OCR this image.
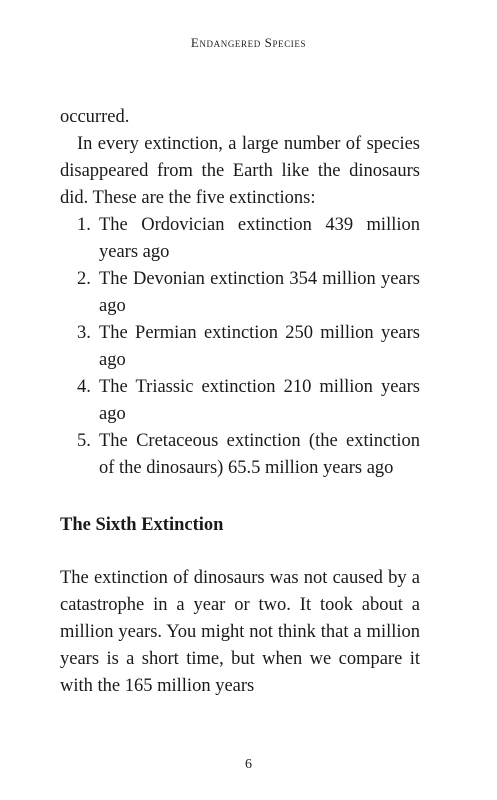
Endangered Species

occurred.

In every extinction, a large number of species disappeared from the Earth like the dinosaurs did. These are the five extinctions:

1. The Ordovician extinction 439 million years ago
2. The Devonian extinction 354 million years ago
3. The Permian extinction 250 million years ago
4. The Triassic extinction 210 million years ago
5. The Cretaceous extinction (the extinction of the dinosaurs) 65.5 million years ago
The Sixth Extinction

The extinction of dinosaurs was not caused by a catastrophe in a year or two. It took about a million years. You might not think that a million years is a short time, but when we compare it with the 165 million years

6
